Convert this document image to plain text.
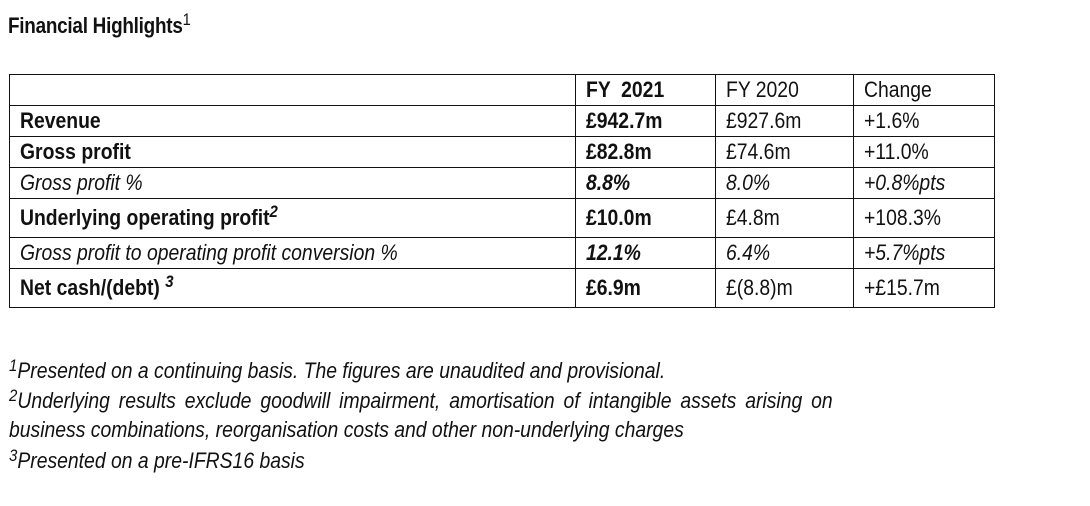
Financial Highlights$^1$
	FY  2021	FY 2020	Change
Revenue	£942.7m	£927.6m	+1.6%
Gross profit	£82.8m	£74.6m	+11.0%
Gross profit %	8.8%	8.0%	+0.8%pts
Underlying operating profit$^2$	£10.0m	£4.8m	+108.3%
Gross profit to operating profit conversion %	12.1%	6.4%	+5.7%pts
Net cash/(debt) $^3$	£6.9m	£(8.8)m	+£15.7m
$^1$Presented on a continuing basis. The figures are unaudited and provisional.
$^2$Underlying results exclude goodwill impairment, amortisation of intangible assets arising on
business combinations, reorganisation costs and other non-underlying charges
$^3$Presented on a pre-IFRS16 basis
